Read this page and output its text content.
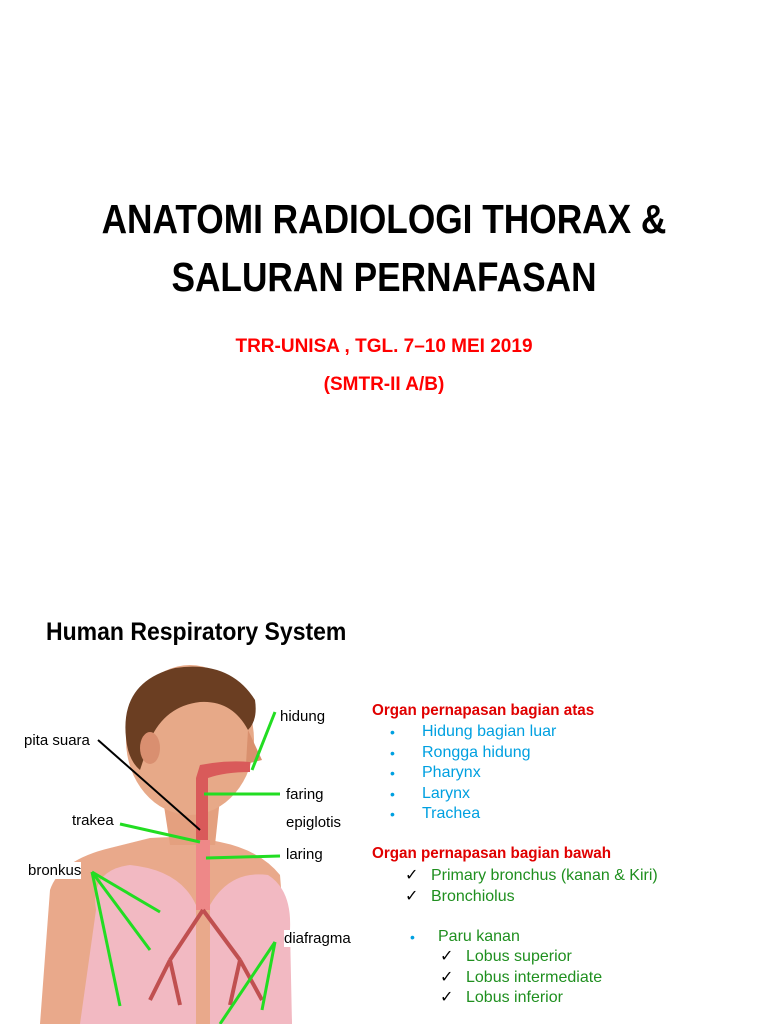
ANATOMI RADIOLOGI THORAX &
SALURAN PERNAFASAN
TRR-UNISA , TGL. 7–10 MEI 2019
(SMTR-II A/B)
Human Respiratory System
pita suara
hidung
trakea
faring
epiglotis
bronkus
laring
diafragma
Organ pernapasan bagian atas
• Hidung bagian luar
• Rongga hidung
• Pharynx
• Larynx
• Trachea
Organ pernapasan bagian bawah
✓ Primary bronchus (kanan & Kiri)
✓ Bronchiolus
• Paru kanan
✓ Lobus superior
✓ Lobus intermediate
✓ Lobus inferior
